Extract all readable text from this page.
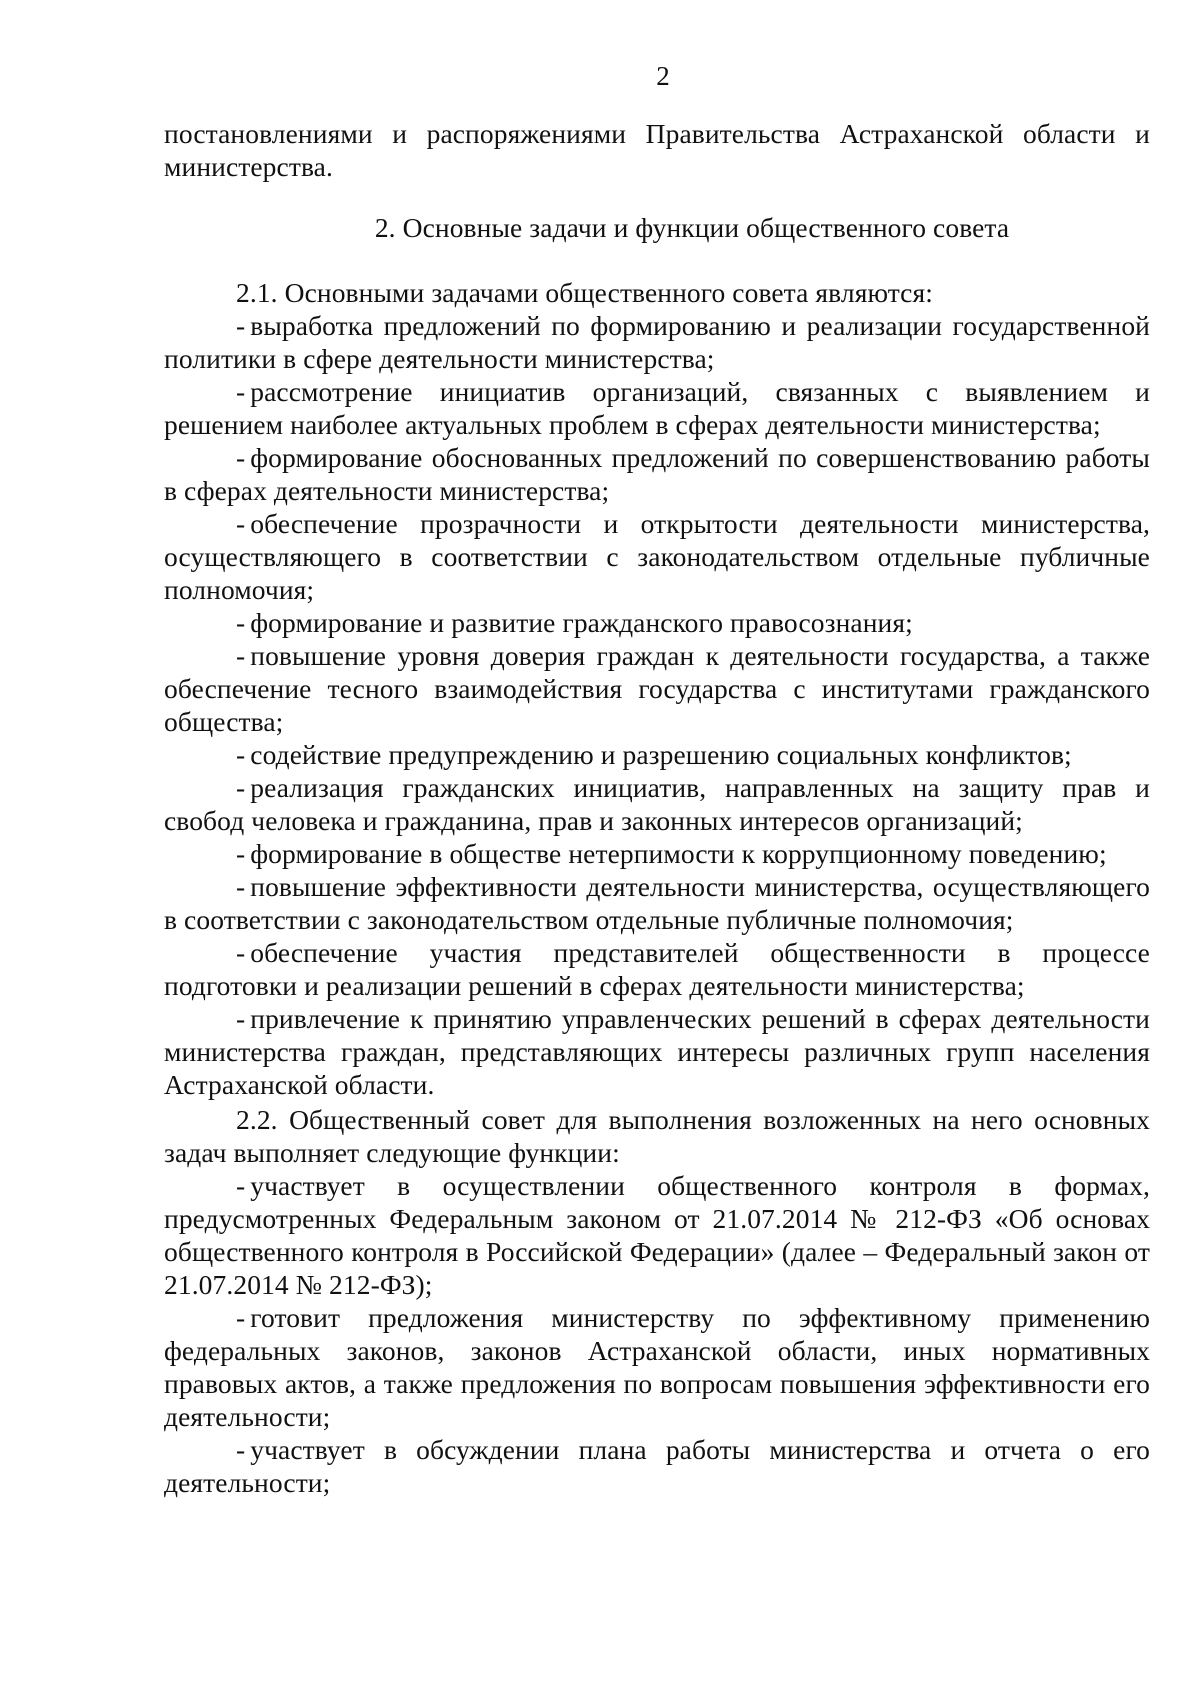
2

постановлениями и распоряжениями Правительства Астраханской области и министерства.

2. Основные задачи и функции общественного совета

2.1. Основными задачами общественного совета являются:

- выработка предложений по формированию и реализации государственной политики в сфере деятельности министерства;
- рассмотрение инициатив организаций, связанных с выявлением и решением наиболее актуальных проблем в сферах деятельности министерства;
- формирование обоснованных предложений по совершенствованию работы в сферах деятельности министерства;
- обеспечение прозрачности и открытости деятельности министерства, осуществляющего в соответствии с законодательством отдельные публичные полномочия;
- формирование и развитие гражданского правосознания;
- повышение уровня доверия граждан к деятельности государства, а также обеспечение тесного взаимодействия государства с институтами гражданского общества;
- содействие предупреждению и разрешению социальных конфликтов;
- реализация гражданских инициатив, направленных на защиту прав и свобод человека и гражданина, прав и законных интересов организаций;
- формирование в обществе нетерпимости к коррупционному поведению;
- повышение эффективности деятельности министерства, осуществляющего в соответствии с законодательством отдельные публичные полномочия;
- обеспечение участия представителей общественности в процессе подготовки и реализации решений в сферах деятельности министерства;
- привлечение к принятию управленческих решений в сферах деятельности министерства граждан, представляющих интересы различных групп населения Астраханской области.

2.2. Общественный совет для выполнения возложенных на него основных задач выполняет следующие функции:

- участвует в осуществлении общественного контроля в формах, предусмотренных Федеральным законом от 21.07.2014 № 212-ФЗ «Об основах общественного контроля в Российской Федерации» (далее – Федеральный закон от 21.07.2014 № 212-ФЗ);
- готовит предложения министерству по эффективному применению федеральных законов, законов Астраханской области, иных нормативных правовых актов, а также предложения по вопросам повышения эффективности его деятельности;
- участвует в обсуждении плана работы министерства и отчета о его деятельности;
